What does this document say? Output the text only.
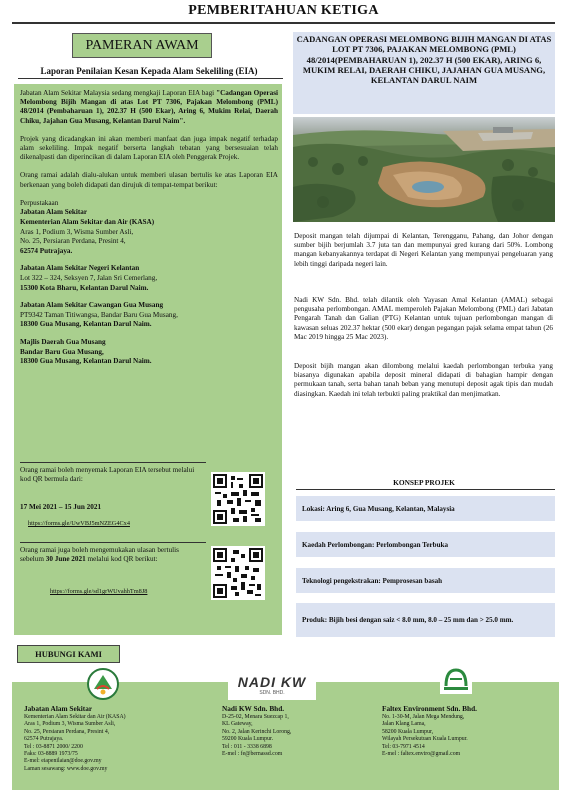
PEMBERITAHUAN KETIGA
PAMERAN AWAM
Laporan Penilaian Kesan Kepada Alam Sekeliling (EIA)

Jabatan Alam Sekitar Malaysia sedang mengkaji Laporan EIA bagi "Cadangan Operasi Melombong Bijih Mangan di atas Lot PT 7306, Pajakan Melombong (PML) 48/2014 (Pembaharuan 1), 202.37 H (500 Ekar), Aring 6, Mukim Relai, Daerah Chiku, Jajahan Gua Musang, Kelantan Darul Naim".

Projek yang dicadangkan ini akan memberi manfaat dan juga impak negatif terhadap alam sekeliling. Impak negatif berserta langkah tebatan yang bersesuaian telah dikenalpasti dan diperincikan di dalam Laporan EIA oleh Penggerak Projek.

Orang ramai adalah dialu-alukan untuk memberi ulasan bertulis ke atas Laporan EIA berkenaan yang boleh didapati dan dirujuk di tempat-tempat berikut:

Perpustakaan
Jabatan Alam Sekitar
Kementerian Alam Sekitar dan Air (KASA)
Aras 1, Podium 3, Wisma Sumber Asli,
No. 25, Persiaran Perdana, Presint 4,
62574 Putrajaya.
Jabatan Alam Sekitar Negeri Kelantan
Lot 322 – 324, Seksyen 7, Jalan Sri Cemerlang,
15300 Kota Bharu, Kelantan Darul Naim.
Jabatan Alam Sekitar Cawangan Gua Musang
PT9342 Taman Titiwangsa, Bandar Baru Gua Musang,
18300 Gua Musang, Kelantan Darul Naim.
Majlis Daerah Gua Musang
Bandar Baru Gua Musang,
18300 Gua Musang, Kelantan Darul Naim.
Orang ramai boleh menyemak Laporan EIA tersebut melalui kod QR bermula dari:
17 Mei 2021 – 15 Jun 2021
https://forms.gle/UwVBJ5mNZEG4Cx4
Orang ramai juga boleh mengemukakan ulasan bertulis sebelum 30 June 2021 melalui kod QR berikut:
https://forms.gle/sd1grWUvahhTm8J8
HUBUNGI KAMI
Jabatan Alam Sekitar
Kementerian Alam Sekitar dan Air (KASA)
Aras 1, Podium 3, Wisma Sumber Asli,
No. 25, Persiaran Perdana, Presint 4,
62574 Putrajaya.
Tel : 03-8871 2000/ 2200
Faks: 03-8889 1973/75
E-mel: eiapenilaian@doe.gov.my
Laman sesawang: www.doe.gov.my
NADI KW
SDN. BHD.
Nadi KW Sdn. Bhd.
D-25-02, Menara Suezcap 1,
KL Gateway,
No. 2, Jalan Kerinchi Lorong,
59200 Kuala Lumpur.
Tel : 011 - 3338 6898
E-mel : fe@bernassd.com
Faltex Environment Sdn. Bhd.
No. 1-30-M, Jalan Mega Mendung,
Jalan Klang Lama,
58200 Kuala Lumpur,
Wilayah Persekutuan Kuala Lumpur.
Tel: 03-7971 4514
E-mel : faltex.enviro@gmail.com
CADANGAN OPERASI MELOMBONG BIJIH MANGAN DI ATAS LOT PT 7306, PAJAKAN MELOMBONG (PML) 48/2014(PEMBAHARUAN 1), 202.37 H (500 EKAR), ARING 6, MUKIM RELAI, DAERAH CHIKU, JAJAHAN GUA MUSANG, KELANTAN DARUL NAIM
Deposit mangan telah dijumpai di Kelantan, Terengganu, Pahang, dan Johor dengan sumber bijih berjumlah 3.7 juta tan dan mempunyai gred kurang dari 50%. Lombong mangan kebanyakannya terdapat di Negeri Kelantan yang mempunyai pengeluaran yang lebih tinggi daripada negeri lain.
Nadi KW Sdn. Bhd. telah dilantik oleh Yayasan Amal Kelantan (AMAL) sebagai pengusaha perlombongan. AMAL memperoleh Pajakan Melombong (PML) dari Jabatan Pengarah Tanah dan Galian (PTG) Kelantan untuk tujuan perlombongan mangan di kawasan seluas 202.37 hektar (500 ekar) dengan pegangan pajak selama empat tahun (26 Mac 2019 hingga 25 Mac 2023).
Deposit bijih mangan akan dilombong melalui kaedah perlombongan terbuka yang biasanya digunakan apabila deposit mineral didapati di bahagian hampir dengan permukaan tanah, serta bahan tanah beban yang menutupi deposit agak tipis dan mudah diasingkan. Kaedah ini telah terbukti paling praktikal dan menjimatkan.
KONSEP PROJEK
Lokasi: Aring 6, Gua Musang, Kelantan, Malaysia
Kaedah Perlombongan: Perlombongan Terbuka
Teknologi pengekstrakan: Pemprosesan basah
Produk: Bijih besi dengan saiz < 8.0 mm, 8.0 – 25 mm dan > 25.0 mm.
